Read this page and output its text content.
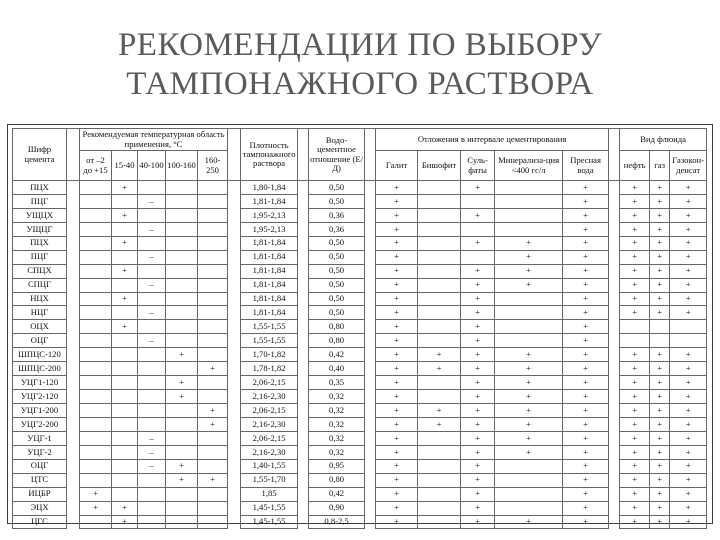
РЕКОМЕНДАЦИИ ПО ВЫБОРУ
ТАМПОНАЖНОГО РАСТВОРА
Шифр цемента		Рекомендуемая температурная область применения, °С						Плотность тампонажного раствора		Водо-цементное отношение (Е/Д)		Отложения в интервале цементирования						Вид флюида		
		от –2 до +15	15-40	40-100	100-160	160-250						Галит	Бишофит	Суль-фаты	Минерализа-ция <400 гс/л	Пресная вода		нефть	газ	Газокон-денсат
ПЦХ			+					1,80-1,84		0,50		+		+		+		+	+	+
ПЦГ				–				1,81-1,84		0,50		+				+		+	+	+
УЩЦХ			+					1,95-2,13		0,36		+		+		+		+	+	+
УЩЦГ				–				1,95-2,13		0,36		+				+		+	+	+
ПЦХ			+					1,81-1,84		0,50		+		+	+	+		+	+	+
ПЦГ				–				1,81-1,84		0,50		+			+	+		+	+	+
СПЦХ			+					1,81-1,84		0,50		+		+	+	+		+	+	+
СПЦГ				–				1,81-1,84		0,50		+		+	+	+		+	+	+
НЦХ			+					1,81-1,84		0,50		+		+		+		+	+	+
НЦГ				–				1,81-1,84		0,50		+		+		+		+	+	+
ОЦХ			+					1,55-1,55		0,80		+		+		+				
ОЦГ				–				1,55-1,55		0,80		+		+		+				
ШПЦС-120					+			1,70-1,82		0,42		+	+	+	+	+		+	+	+
ШПЦС-200						+		1,78-1,82		0,40		+	+	+	+	+		+	+	+
УЦГ1-120					+			2,06-2,15		0,35		+		+	+	+		+	+	+
УЦГ2-120					+			2,16-2,30		0,32		+		+	+	+		+	+	+
УЦГ1-200						+		2,06-2,15		0,32		+	+	+	+	+		+	+	+
УЦГ2-200						+		2,16-2,30		0,32		+	+	+	+	+		+	+	+
УЦГ-1				–				2,06-2,15		0,32		+		+	+	+		+	+	+
УЦГ-2				–				2,16-2,30		0,32		+		+	+	+		+	+	+
ОЦГ				–	+			1,40-1,55		0,95		+		+		+		+	+	+
ЦТС					+	+		1,55-1,70		0,80		+		+		+		+	+	+
ИЦБР		+						1,85		0,42		+		+		+		+	+	+
ЭЦХ		+	+					1,45-1,55		0,90		+		+		+		+	+	+
ЦГС			+					1,45-1,55		0,8-2,5		+		+	+	+		+	+	+
